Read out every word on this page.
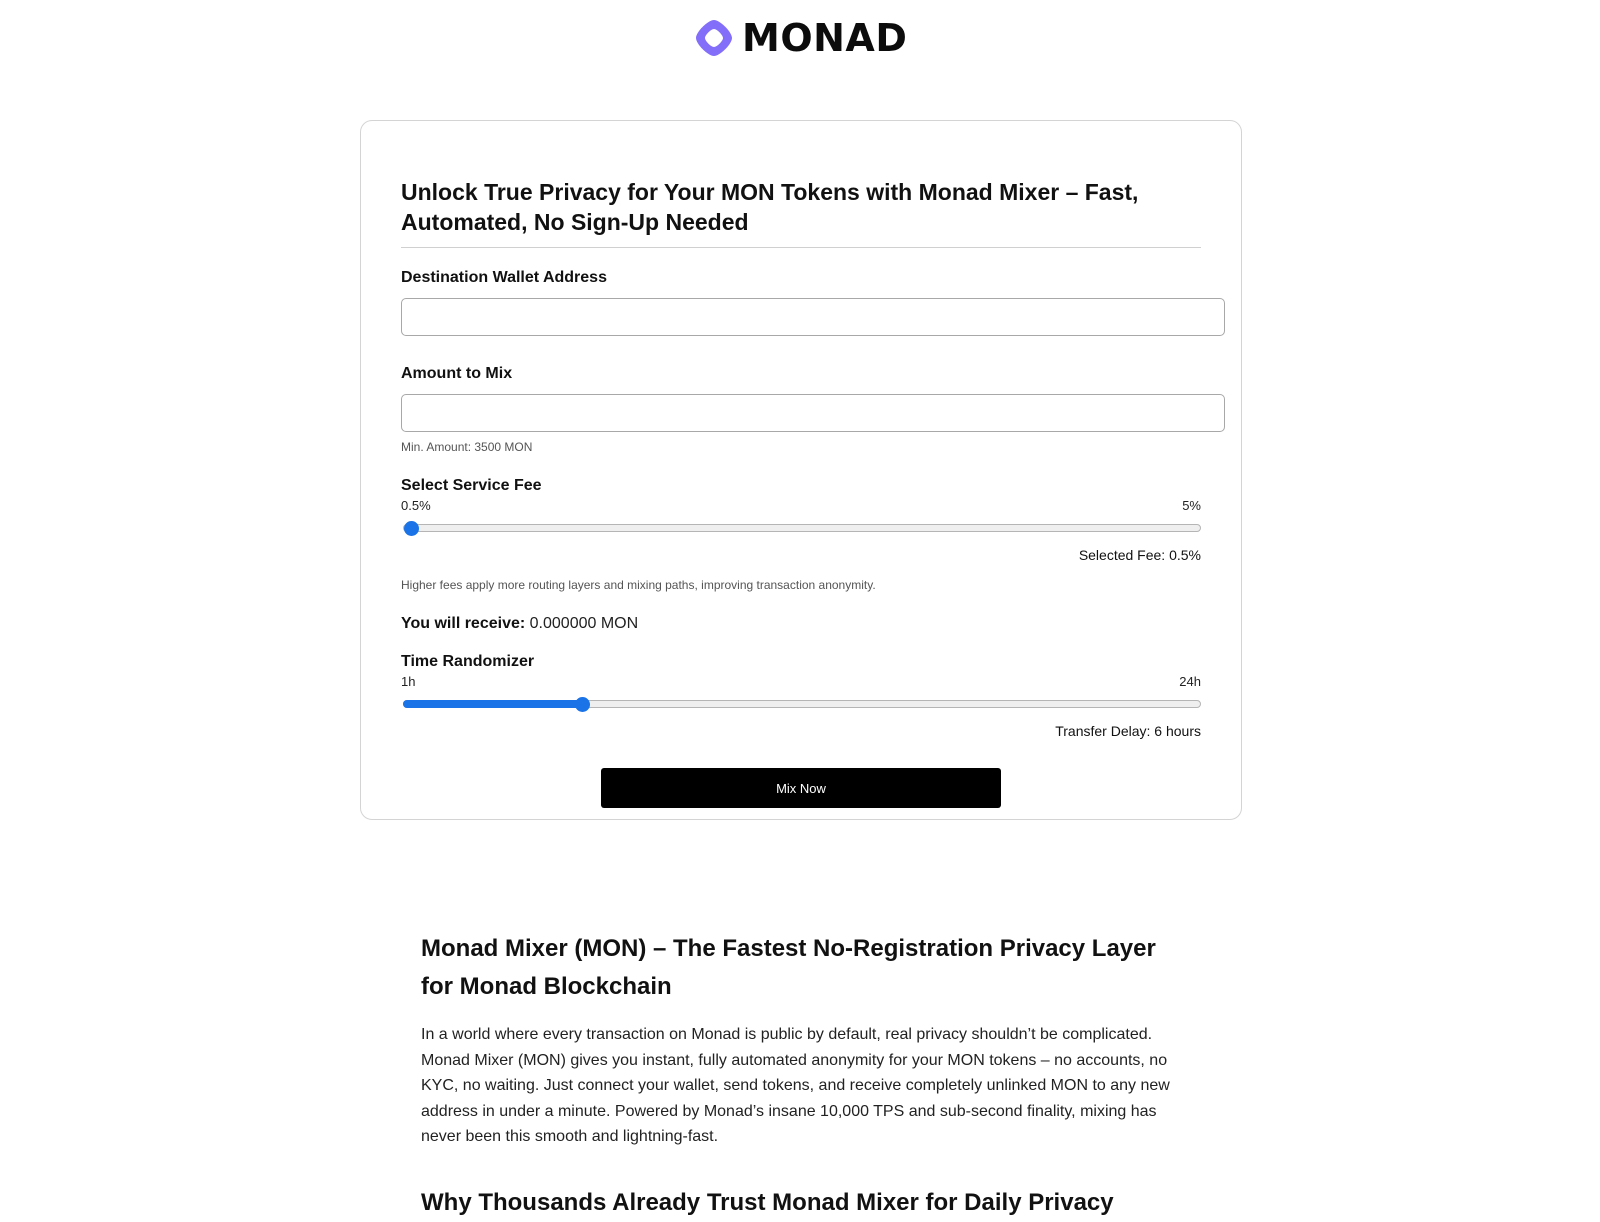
MONAD
Unlock True Privacy for Your MON Tokens with Monad Mixer – Fast, Automated, No Sign-Up Needed
Destination Wallet Address
Amount to Mix
Min. Amount: 3500 MON
Select Service Fee
0.5%	5%
Selected Fee: 0.5%
Higher fees apply more routing layers and mixing paths, improving transaction anonymity.
You will receive: 0.000000 MON
Time Randomizer
1h	24h
Transfer Delay: 6 hours
Mix Now
Monad Mixer (MON) – The Fastest No-Registration Privacy Layer for Monad Blockchain

In a world where every transaction on Monad is public by default, real privacy shouldn’t be complicated. Monad Mixer (MON) gives you instant, fully automated anonymity for your MON tokens – no accounts, no KYC, no waiting. Just connect your wallet, send tokens, and receive completely unlinked MON to any new address in under a minute. Powered by Monad’s insane 10,000 TPS and sub-second finality, mixing has never been this smooth and lightning-fast.

Why Thousands Already Trust Monad Mixer for Daily Privacy
